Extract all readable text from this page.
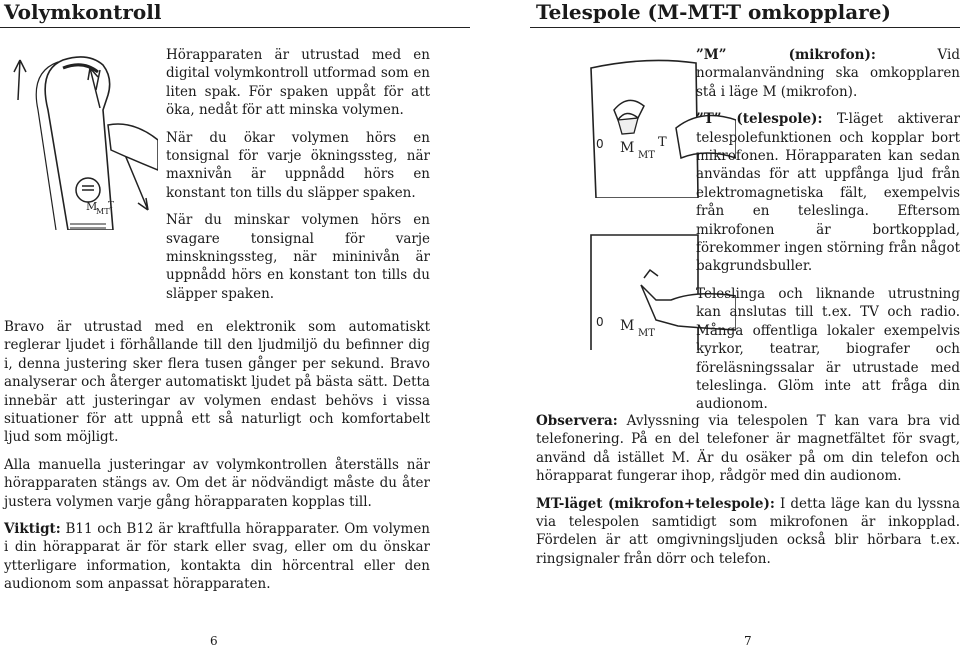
Volymkontroll
M
MT
T

Hörapparaten är utrustad med en digital volymkontroll utformad som en liten spak. För spaken uppåt för att öka, nedåt för att minska volymen.

När du ökar volymen hörs en tonsignal för varje ökningssteg, när maxnivån är uppnådd hörs en konstant ton tills du släpper spaken.

När du minskar volymen hörs en svagare tonsignal för varje minskningssteg, när mininivån är uppnådd hörs en konstant ton tills du släpper spaken.

Bravo är utrustad med en elektronik som automatiskt reglerar ljudet i förhållande till den ljudmiljö du befinner dig i, denna justering sker flera tusen gånger per sekund. Bravo analyserar och återger automatiskt ljudet på bästa sätt. Detta innebär att justeringar av volymen endast behövs i vissa situationer för att uppnå ett så naturligt och komfortabelt ljud som möjligt.

Alla manuella justeringar av volymkontrollen återställs när hörapparaten stängs av. Om det är nödvändigt måste du åter justera volymen varje gång hörapparaten kopplas till.

Viktigt: B11 och B12 är kraftfulla hörapparater. Om volymen i din hörapparat är för stark eller svag, eller om du önskar ytterligare information, kontakta din hörcentral eller den audionom som anpassat hörapparaten.

6
Telespole (M-MT-T omkopplare)
0 M MT
T
0 M MT

”M” (mikrofon): Vid normalanvändning ska omkopplaren stå i läge M (mikrofon).

”T” (telespole): T-läget aktiverar telespolefunktionen och kopplar bort mikrofonen. Hörapparaten kan sedan användas för att uppfånga ljud från elektromagnetiska fält, exempelvis från en teleslinga. Eftersom mikrofonen är bortkopplad, förekommer ingen störning från något bakgrundsbuller.

Teleslinga och liknande utrustning kan anslutas till t.ex. TV och radio. Många offentliga lokaler exempelvis kyrkor, teatrar, biografer och föreläsningssalar är utrustade med teleslinga. Glöm inte att fråga din audionom.

Observera: Avlyssning via telespolen T kan vara bra vid telefonering. På en del telefoner är magnetfältet för svagt, använd då istället M. Är du osäker på om din telefon och hörapparat fungerar ihop, rådgör med din audionom.

MT-läget (mikrofon+telespole): I detta läge kan du lyssna via telespolen samtidigt som mikrofonen är inkopplad. Fördelen är att omgivningsljuden också blir hörbara t.ex. ringsignaler från dörr och telefon.

7
